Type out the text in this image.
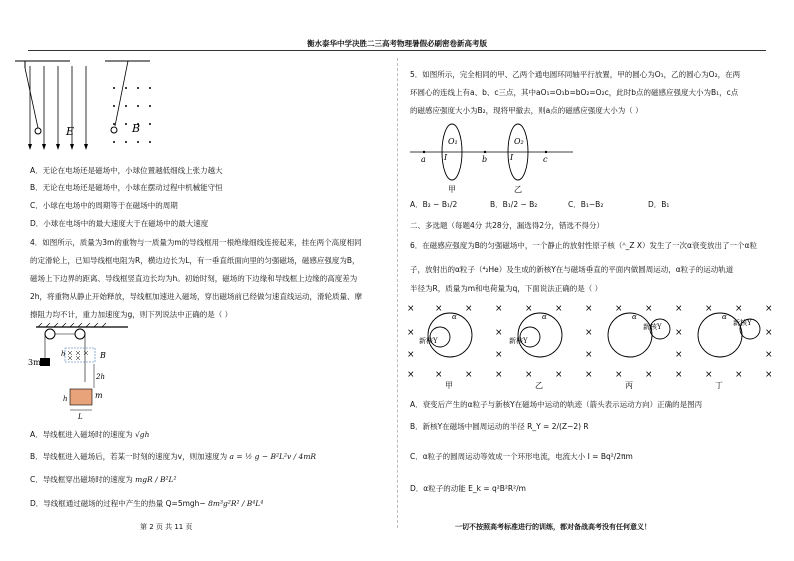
衡水泰华中学决胜二三高考物理暑假必刷密卷新高考版
E	B
A．无论在电场还是磁场中，小球位置越低细线上张力越大
B．无论在电场还是磁场中，小球在摆动过程中机械能守恒
C．小球在电场中的周期等于在磁场中的周期
D．小球在电场中的最大速度大于在磁场中的最大速度
4．如图所示，质量为3m的重物与一质量为m的导线框用一根绝缘细线连接起来，挂在两个高度相同
的定滑轮上，已知导线框电阻为R，横边边长为L，有一垂直纸面向里的匀强磁场，磁感应强度为B，
磁场上下边界的距离、导线框竖直边长均为h。初始时刻，磁场的下边缘和导线框上边缘的高度差为
2h，将重物从静止开始释放，导线框加速进入磁场，穿出磁场前已经做匀速直线运动，滑轮质量、摩
擦阻力均不计，重力加速度为g，则下列说法中正确的是（ ）
3m
h	B
2h
h	m
L
A．导线框进入磁场时的速度为 √gh
B．导线框进入磁场后，若某一时刻的速度为v，则加速度为 a = ½ g − B²L²v / 4mR
C．导线框穿出磁场时的速度为 mgR / B²L²
D．导线框通过磁场的过程中产生的热量 Q=5mgh− 8m³g²R² / B⁴L⁴
第 2 页 共 11 页
5．如图所示，完全相同的甲、乙两个通电圆环同轴平行放置，甲的圆心为O₁，乙的圆心为O₂，在两
环圆心的连线上有a、b、c三点，其中aO₁=O₁b=bO₂=O₂c，此时b点的磁感应强度大小为B₁，c点
的磁感应强度大小为B₂，现将甲撤去，则a点的磁感应强度大小为（ ）
O₁	O₂
I	I
a	b	c
甲	乙
A．B₂ − B₁/2	B．B₁/2 − B₂	C．B₁−B₂	D．B₁
二、多选题（每题4分 共28分，漏选得2分，错选不得分）
6．在磁感应强度为B的匀强磁场中，一个静止的放射性原子核（ᴬ_Z X）发生了一次α衰变放出了一个α粒
子，放射出的α粒子（⁴₂He）及生成的新核Y在与磁场垂直的平面内做圆周运动，α粒子的运动轨道
半径为R，质量为m和电荷量为q，下面说法正确的是（ ）
×
×
×
×
×
×
×
×
×
×
×
×
×
×
×
×
×
×
×
×
×
×
×
×
×
×
×
×
×
×
×
×
×
×
×
×
α	α	α	α
新核Y	新核Y
新核Y	新核Y
甲	乙	丙	丁
A．衰变后产生的α粒子与新核Y在磁场中运动的轨迹（箭头表示运动方向）正确的是图丙
B．新核Y在磁场中圆周运动的半径 R_Y = 2/(Z−2) R
C．α粒子的圆周运动等效成一个环形电流，电流大小 I = Bq²/2πm
D．α粒子的动能 E_k = q²B²R²/m
一切不按照高考标准进行的训练，都对备战高考没有任何意义！
